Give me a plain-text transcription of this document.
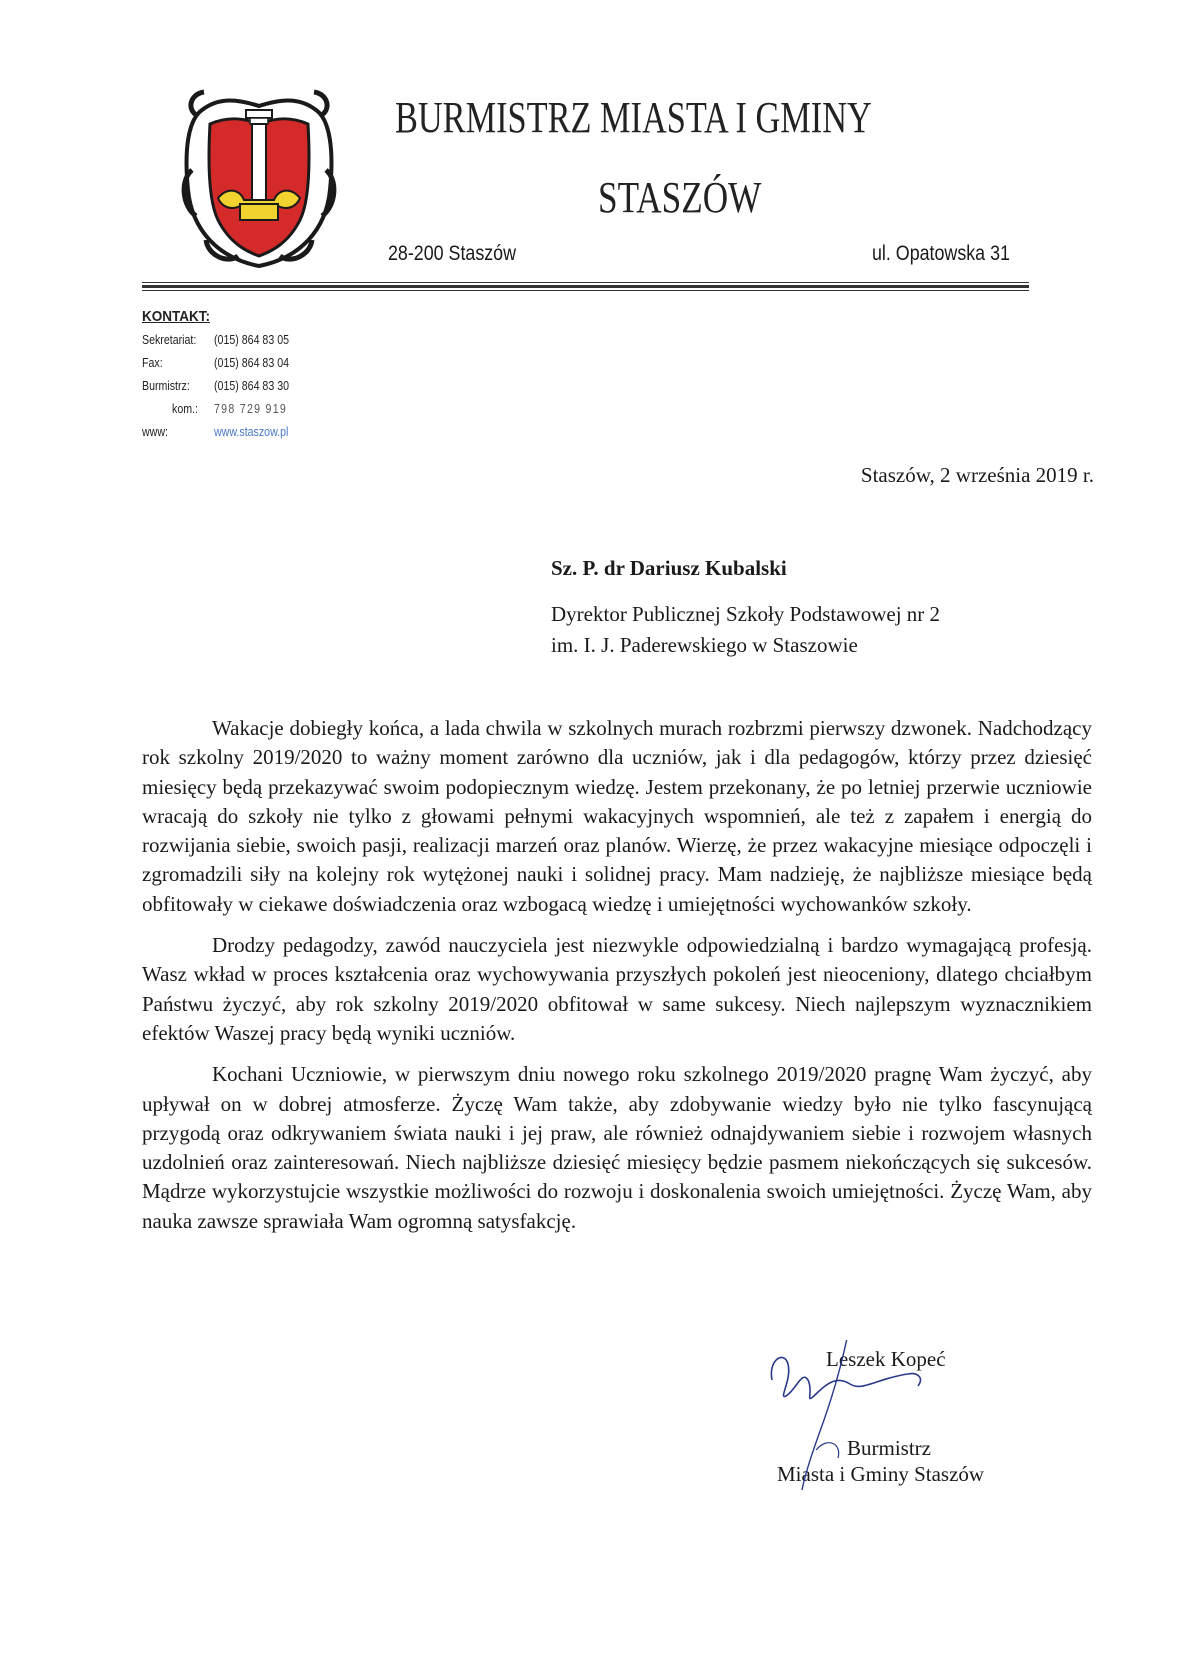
BURMISTRZ MIASTA I GMINY
STASZÓW
28-200 Staszów	ul. Opatowska 31
KONTAKT:
Sekretariat: (015) 864 83 05
Fax:	(015) 864 83 04
Burmistrz: (015) 864 83 30
kom.: 798 729 919
www:	www.staszow.pl
Staszów, 2 września 2019 r.
Sz. P. dr Dariusz Kubalski
Dyrektor Publicznej Szkoły Podstawowej nr 2
im. I. J. Paderewskiego w Staszowie

Wakacje dobiegły końca, a lada chwila w szkolnych murach rozbrzmi pierwszy dzwonek. Nadchodzący rok szkolny 2019/2020 to ważny moment zarówno dla uczniów, jak i dla pedagogów, którzy przez dziesięć miesięcy będą przekazywać swoim podopiecznym wiedzę. Jestem przekonany, że po letniej przerwie uczniowie wracają do szkoły nie tylko z głowami pełnymi wakacyjnych wspomnień, ale też z zapałem i energią do rozwijania siebie, swoich pasji, realizacji marzeń oraz planów. Wierzę, że przez wakacyjne miesiące odpoczęli i zgromadzili siły na kolejny rok wytężonej nauki i solidnej pracy. Mam nadzieję, że najbliższe miesiące będą obfitowały w ciekawe doświadczenia oraz wzbogacą wiedzę i umiejętności wychowanków szkoły.

Drodzy pedagodzy, zawód nauczyciela jest niezwykle odpowiedzialną i bardzo wymagającą profesją. Wasz wkład w proces kształcenia oraz wychowywania przyszłych pokoleń jest nieoceniony, dlatego chciałbym Państwu życzyć, aby rok szkolny 2019/2020 obfitował w same sukcesy. Niech najlepszym wyznacznikiem efektów Waszej pracy będą wyniki uczniów.

Kochani Uczniowie, w pierwszym dniu nowego roku szkolnego 2019/2020 pragnę Wam życzyć, aby upływał on w dobrej atmosferze. Życzę Wam także, aby zdobywanie wiedzy było nie tylko fascynującą przygodą oraz odkrywaniem świata nauki i jej praw, ale również odnajdywaniem siebie i rozwojem własnych uzdolnień oraz zainteresowań. Niech najbliższe dziesięć miesięcy będzie pasmem niekończących się sukcesów. Mądrze wykorzystujcie wszystkie możliwości do rozwoju i doskonalenia swoich umiejętności. Życzę Wam, aby nauka zawsze sprawiała Wam ogromną satysfakcję.

Leszek Kopeć
Burmistrz
Miasta i Gminy Staszów
